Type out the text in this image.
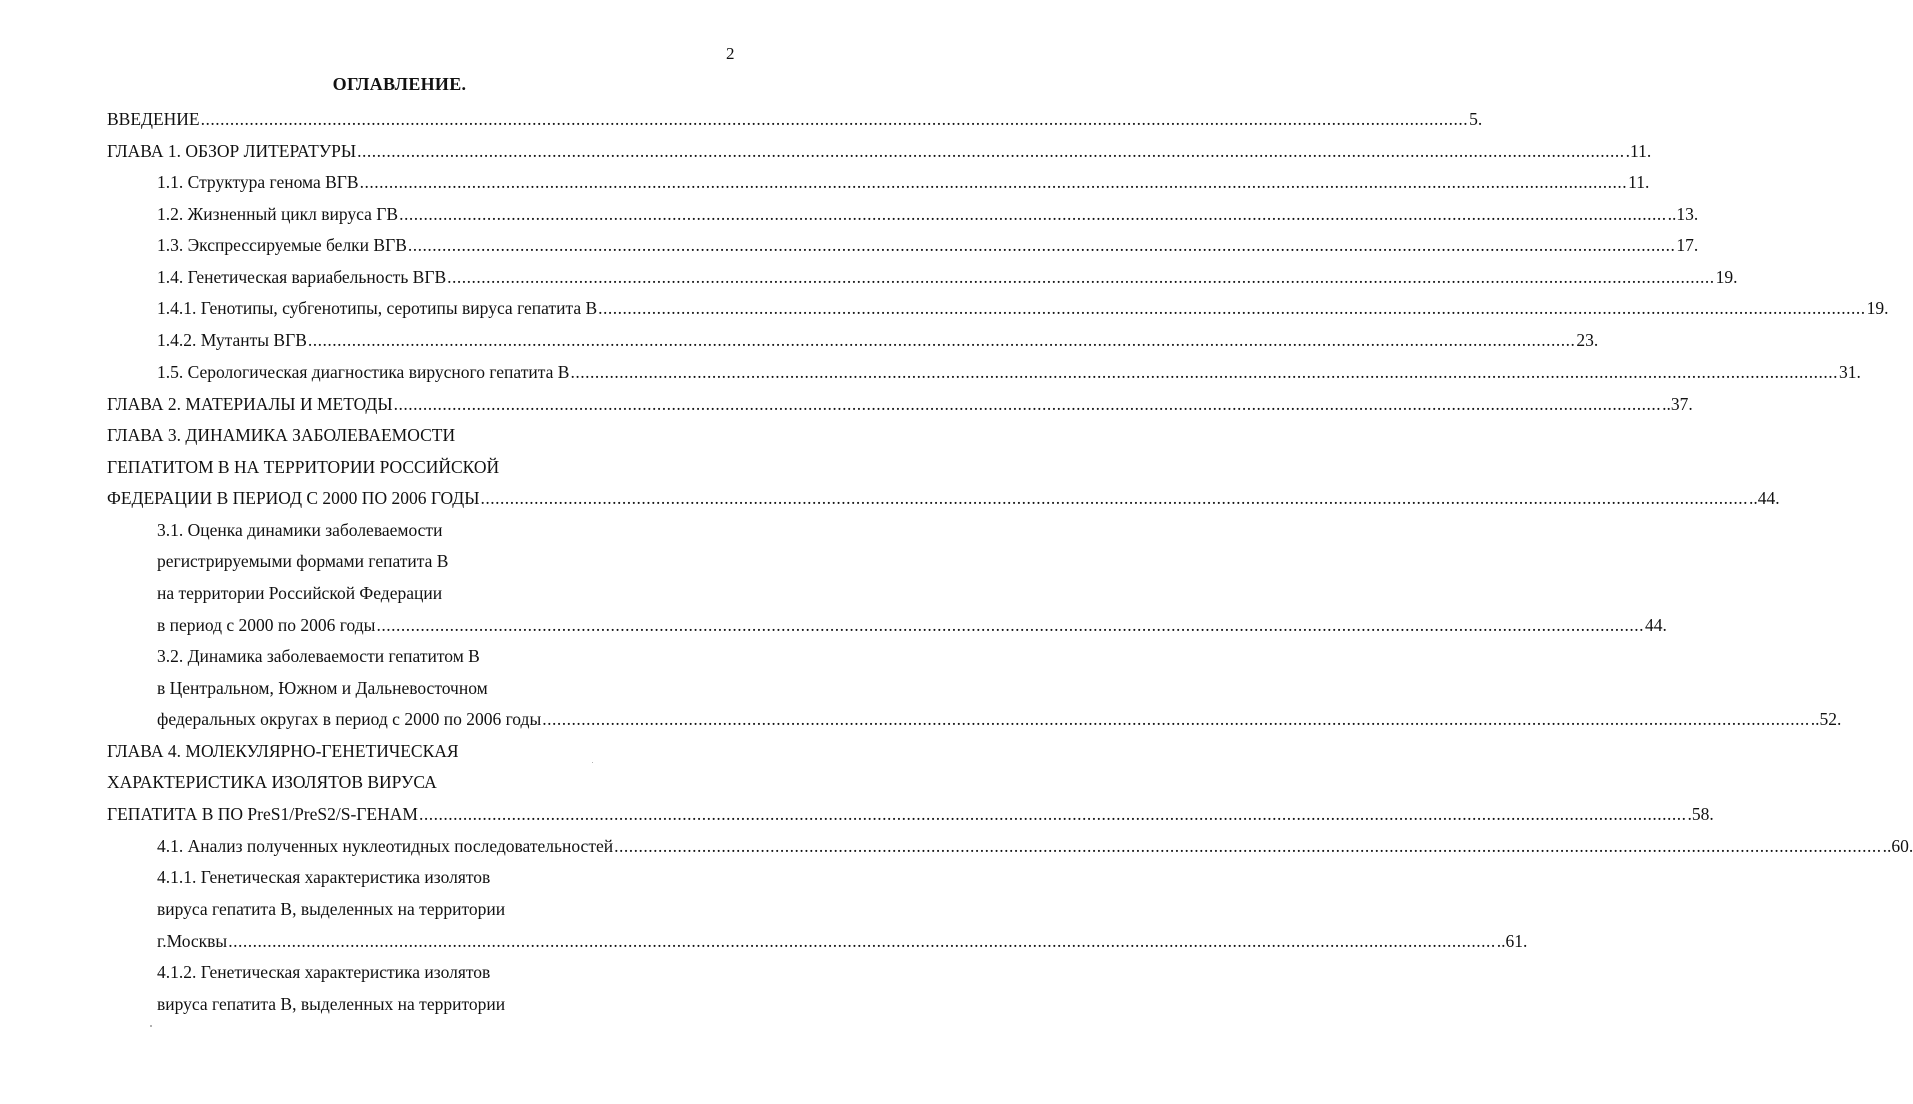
2
ОГЛАВЛЕНИЕ.
ВВЕДЕНИЕ .....	5.
ГЛАВА 1. ОБЗОР ЛИТЕРАТУРЫ .....	.11.
1.1. Структура генома ВГВ .....	11.
1.2. Жизненный цикл вируса ГВ .....	..13.
1.3. Экспрессируемые белки ВГВ .....	17.
1.4. Генетическая вариабельность ВГВ .....	19.
1.4.1. Генотипы, субгенотипы, серотипы вируса гепатита В .....	19.
1.4.2. Мутанты ВГВ .....	23.
1.5. Серологическая диагностика вирусного гепатита В .....	31.
ГЛАВА 2. МАТЕРИАЛЫ И МЕТОДЫ .....	..37.
ГЛАВА 3. ДИНАМИКА ЗАБОЛЕВАЕМОСТИ
ГЕПАТИТОМ В НА ТЕРРИТОРИИ РОССИЙСКОЙ
ФЕДЕРАЦИИ В ПЕРИОД С 2000 ПО 2006 ГОДЫ .....	..44.
3.1. Оценка динамики заболеваемости
регистрируемыми формами гепатита В
на территории Российской Федерации
в период с 2000 по 2006 годы .....	44.
3.2. Динамика заболеваемости гепатитом В
в Центральном, Южном и Дальневосточном
федеральных округах в период с 2000 по 2006 годы .....	..52.
ГЛАВА 4. МОЛЕКУЛЯРНО-ГЕНЕТИЧЕСКАЯ
ХАРАКТЕРИСТИКА ИЗОЛЯТОВ ВИРУСА
ГЕПАТИТА В ПО PreS1/PreS2/S-ГЕНАМ .....	.58.
4.1. Анализ полученных нуклеотидных последовательностей .....	..60.
4.1.1. Генетическая характеристика изолятов
вируса гепатита В, выделенных на территории
г.Москвы .....	..61.
4.1.2. Генетическая характеристика изолятов
вируса гепатита В, выделенных на территории
